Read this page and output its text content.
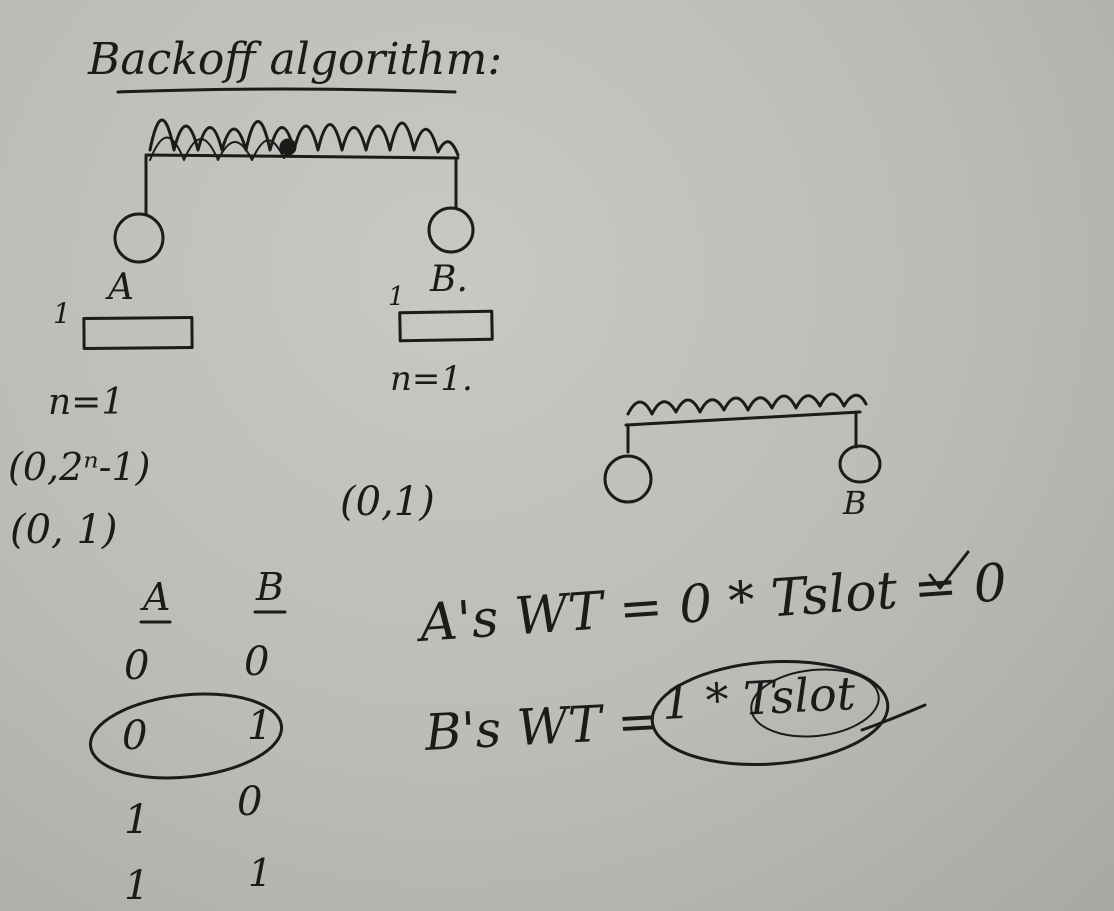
Backoff algorithm:
A
1
n=1
(0,2ⁿ-1)
(0, 1)
B.
1
n=1.
(0,1)	B
A B
0 0
0 1
1 0
1	1
A's WT = 0 * Tslot = 0
B's WT = 1 * Tslot
